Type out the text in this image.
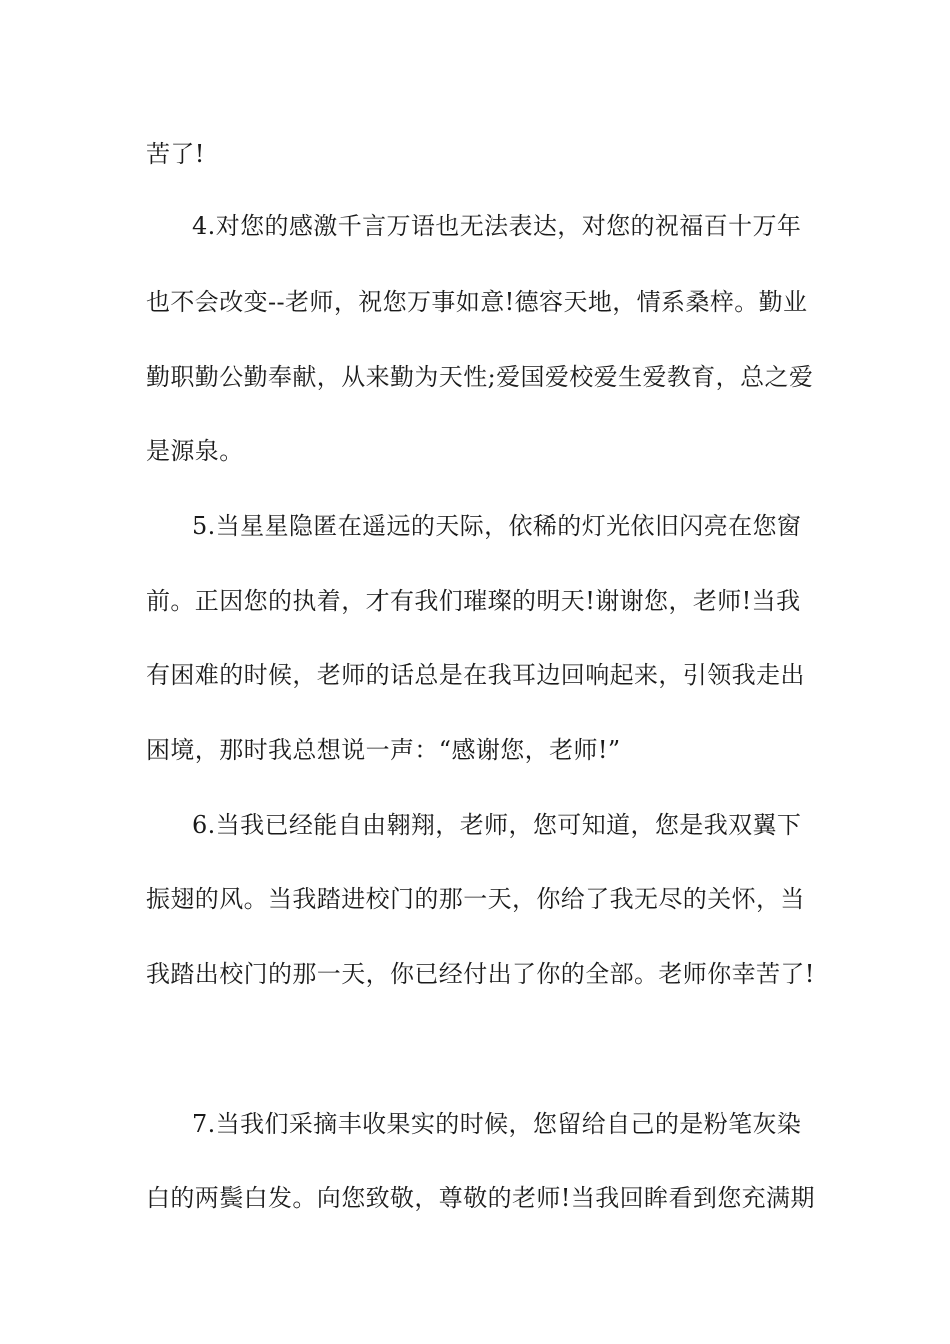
苦了!
4.对您的感激千言万语也无法表达，对您的祝福百十万年
也不会改变--老师，祝您万事如意!德容天地，情系桑梓。勤业
勤职勤公勤奉献，从来勤为天性;爱国爱校爱生爱教育，总之爱
是源泉。
5.当星星隐匿在遥远的天际，依稀的灯光依旧闪亮在您窗
前。正因您的执着，才有我们璀璨的明天!谢谢您，老师!当我
有困难的时候，老师的话总是在我耳边回响起来，引领我走出
困境，那时我总想说一声：“感谢您，老师!”
6.当我已经能自由翱翔，老师，您可知道，您是我双翼下
振翅的风。当我踏进校门的那一天，你给了我无尽的关怀，当
我踏出校门的那一天，你已经付出了你的全部。老师你幸苦了!
7.当我们采摘丰收果实的时候，您留给自己的是粉笔灰染
白的两鬓白发。向您致敬，尊敬的老师!当我回眸看到您充满期
